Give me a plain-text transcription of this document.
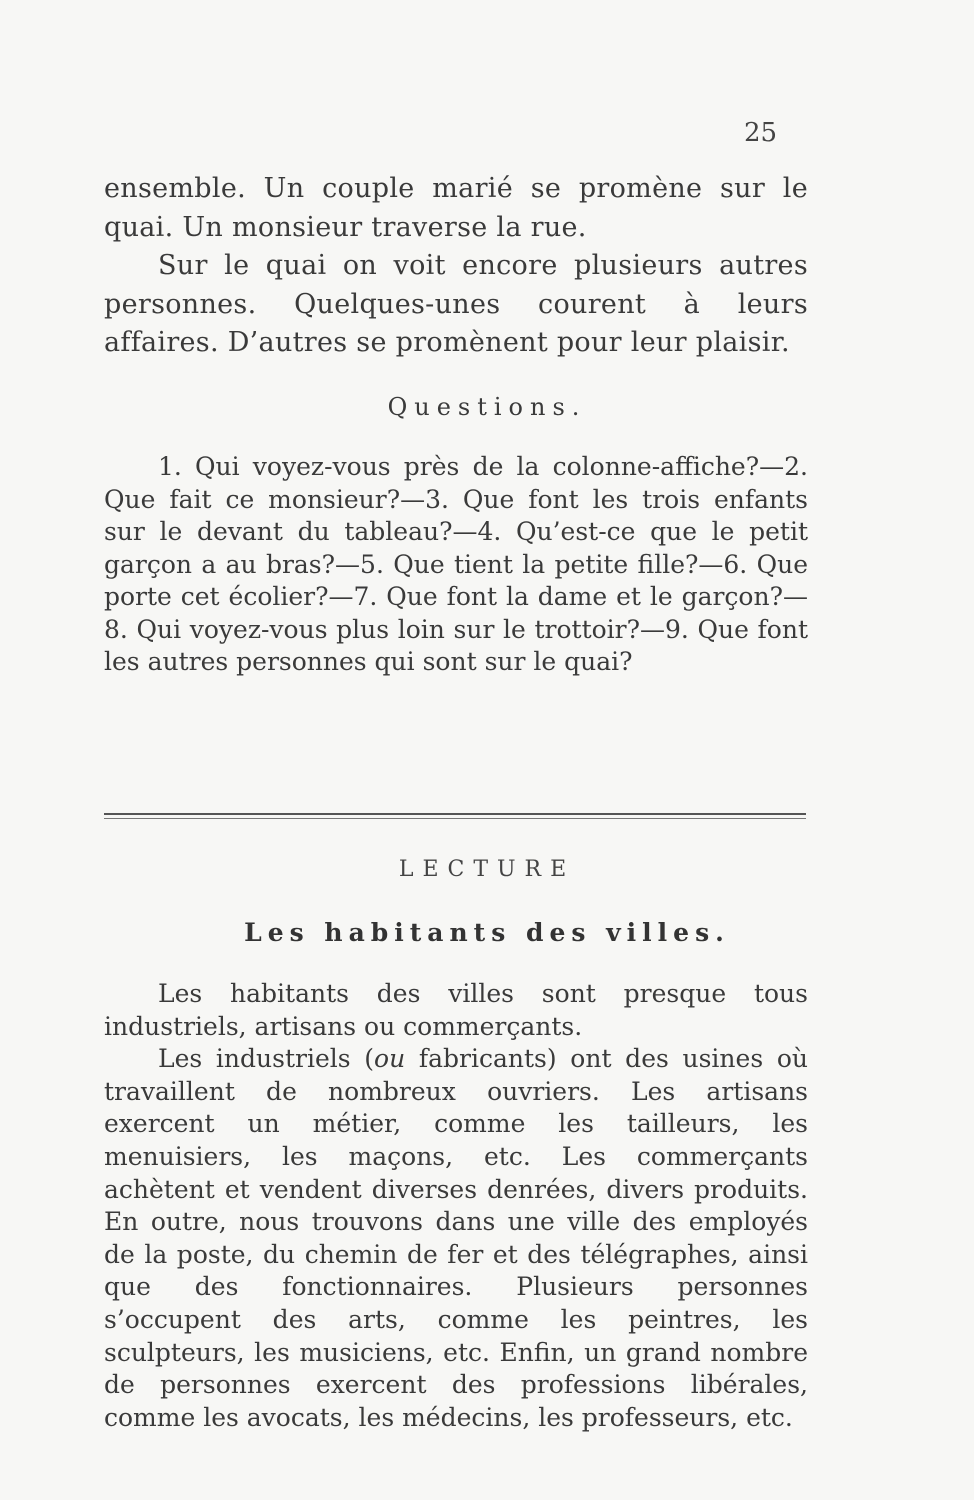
25

ensemble. Un couple marié se promène sur le quai. Un monsieur traverse la rue.

Sur le quai on voit encore plusieurs autres personnes. Quelques-unes courent à leurs affaires. D’autres se promènent pour leur plaisir.

Questions.

1. Qui voyez-vous près de la colonne-affiche?—2. Que fait ce monsieur?—3. Que font les trois enfants sur le devant du tableau?—4. Qu’est-ce que le petit garçon a au bras?—5. Que tient la petite fille?—6. Que porte cet écolier?—7. Que font la dame et le garçon?—8. Qui voyez-vous plus loin sur le trottoir?—9. Que font les autres personnes qui sont sur le quai?

LECTURE
Les habitants des villes.

Les habitants des villes sont presque tous industriels, artisans ou commerçants.

Les industriels (ou fabricants) ont des usines où travaillent de nombreux ouvriers. Les artisans exercent un métier, comme les tailleurs, les menuisiers, les maçons, etc. Les commerçants achètent et vendent diverses denrées, divers produits. En outre, nous trouvons dans une ville des employés de la poste, du chemin de fer et des télégraphes, ainsi que des fonctionnaires. Plusieurs personnes s’occupent des arts, comme les peintres, les sculpteurs, les musiciens, etc. Enfin, un grand nombre de personnes exercent des professions libérales, comme les avocats, les médecins, les professeurs, etc.
